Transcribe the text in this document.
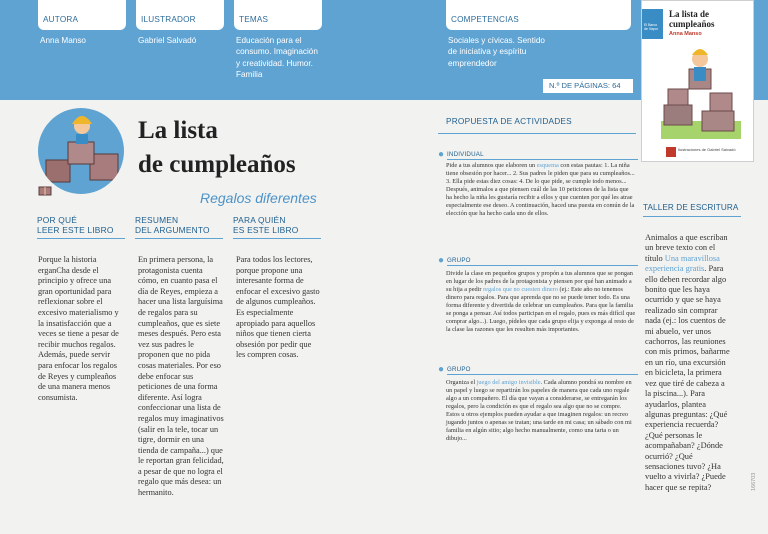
AUTORA
Anna Manso
ILUSTRADOR
Gabriel Salvadó
TEMAS
Educación para el consumo. Imaginación y creatividad. Humor. Familia
COMPETENCIAS
Sociales y cívicas. Sentido de iniciativa y espíritu emprendedor
N.º DE PÁGINAS: 64
El Barco de Vapor
La lista de cumpleaños
Anna Manso
Ilustraciones de Gabriel Salvadó
La lista
de cumpleaños
Regalos diferentes
POR QUÉ
LEER ESTE LIBRO
Porque la historia erganCha desde el principio y ofrece una gran oportunidad para reflexionar sobre el excesivo materialismo y la insatisfacción que a veces se tiene a pesar de recibir muchos regalos. Además, puede servir para enfocar los regalos de Reyes y cumpleaños de una manera menos consumista.
RESUMEN
DEL ARGUMENTO
En primera persona, la protagonista cuenta cómo, en cuanto pasa el día de Reyes, empieza a hacer una lista larguísima de regalos para su cumpleaños, que es siete meses después. Pero esta vez sus padres le proponen que no pida cosas materiales. Por eso debe enfocar sus peticiones de una forma diferente. Así logra confeccionar una lista de regalos muy imaginativos (salir en la tele, tocar un tigre, dormir en una tienda de campaña...) que le reportan gran felicidad, a pesar de que no logra el regalo que más desea: un hermanito.
PARA QUIÉN
ES ESTE LIBRO
Para todos los lectores, porque propone una interesante forma de enfocar el excesivo gasto de algunos cumpleaños. Es especialmente apropiado para aquellos niños que tienen cierta obsesión por pedir que les compren cosas.
PROPUESTA DE ACTIVIDADES
● INDIVIDUAL
Pide a tus alumnos que elaboren un esquema con estas pautas: 1. La niña tiene obsesión por hacer... 2. Sus padres le piden que para su cumpleaños... 3. Ella pide estas diez cosas: 4. De lo que pide, se cumple todo menos... Después, animalos a que piensen cuál de las 10 peticiones de la lista que ha hecho la niña les gustaría recibir a ellos y que cuenten por qué les atrae especialmente ese deseo. A continuación, haced una puesta en común de la elección que ha hecho cada uno de ellos.
● GRUPO
Divide la clase en pequeños grupos y propón a tus alumnos que se pongan en lugar de los padres de la protagonista y piensen por qué han animado a su hija a pedir regalos que no cuesten dinero (ej.: Este año no tenemos dinero para regalos. Para que aprenda que no se puede tener todo. Es una forma diferente y divertida de celebrar un cumpleaños. Para que la familia se ponga a pensar. Así todos participan en el regalo, pues es más difícil que comprar algo...). Luego, pídeles que cada grupo elija y exponga al resto de la clase las razones que les resulten más importantes.
● GRUPO
Organiza el juego del amigo invisible. Cada alumno pondrá su nombre en un papel y luego se repartirán los papeles de manera que cada uno regale algo a un compañero. El día que vayan a considerarse, se entregarán los regalos, pero la condición es que el regalo sea algo que no se compre. Estos u otros ejemplos pueden ayudar a que imaginen regalos: un recreo jugando juntos o apenas se tratan; una tarde en mi casa; un sábado con mi familia en algún sitio; algo hecho manualmente, como una tarta o un dibujo...
TALLER DE ESCRITURA
Animalos a que escriban un breve texto con el título Una maravillosa experiencia gratis. Para ello deben recordar algo bonito que les haya ocurrido y que se haya realizado sin comprar nada (ej.: los cuentos de mi abuelo, ver unos cachorros, las reuniones con mis primos, bañarme en un río, una excursión en bicicleta, la primera vez que tiré de cabeza a la piscina...). Para ayudarlos, plantea algunas preguntas: ¿Qué experiencia recuerda? ¿Qué personas le acompañaban? ¿Dónde ocurrió? ¿Qué sensaciones tuvo? ¿Ha vuelto a vivirla? ¿Puede hacer que se repita?	166703
